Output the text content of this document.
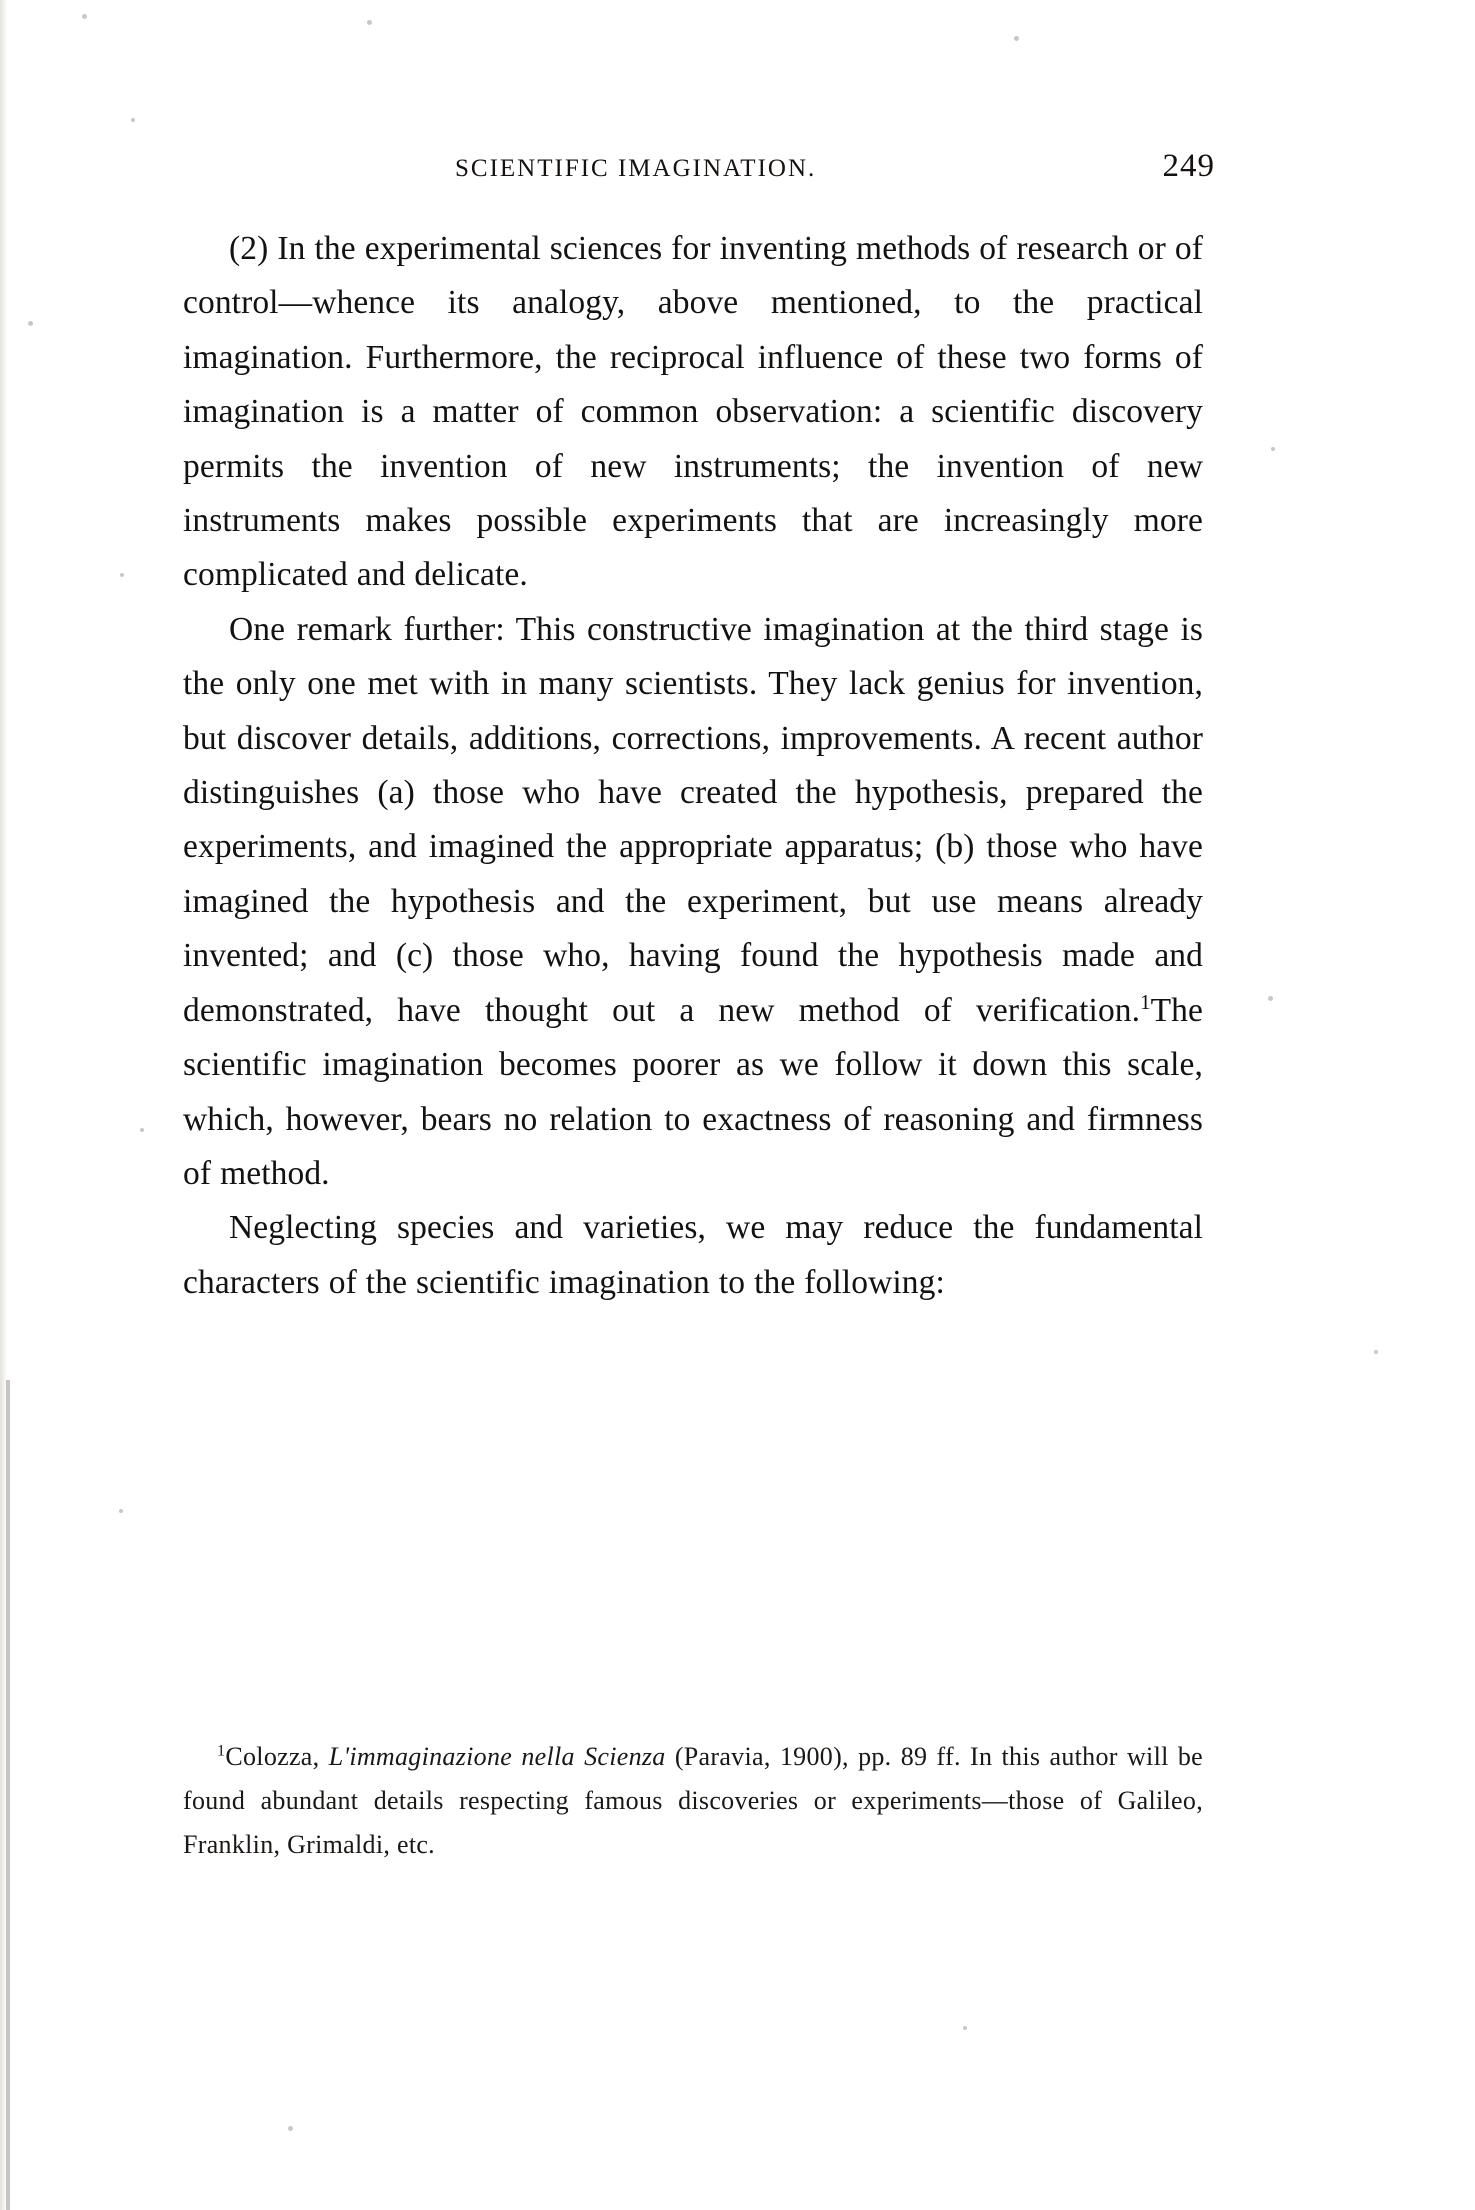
SCIENTIFIC IMAGINATION.	249

(2) In the experimental sciences for inventing methods of research or of control—whence its analogy, above mentioned, to the practical imagination. Furthermore, the reciprocal influence of these two forms of imagination is a matter of common observation: a scientific discovery permits the invention of new instruments; the invention of new instruments makes possible experiments that are increasingly more complicated and delicate.

One remark further: This constructive imagination at the third stage is the only one met with in many scientists. They lack genius for invention, but discover details, additions, corrections, improvements. A recent author distinguishes (a) those who have created the hypothesis, prepared the experiments, and imagined the appropriate apparatus; (b) those who have imagined the hypothesis and the experiment, but use means already invented; and (c) those who, having found the hypothesis made and demonstrated, have thought out a new method of verification.$^1$The scientific imagination becomes poorer as we follow it down this scale, which, however, bears no relation to exactness of reasoning and firmness of method.

Neglecting species and varieties, we may reduce the fundamental characters of the scientific imagination to the following:

$^1$Colozza, L'immaginazione nella Scienza (Paravia, 1900), pp. 89 ff. In this author will be found abundant details respecting famous discoveries or experiments—those of Galileo, Franklin, Grimaldi, etc.
